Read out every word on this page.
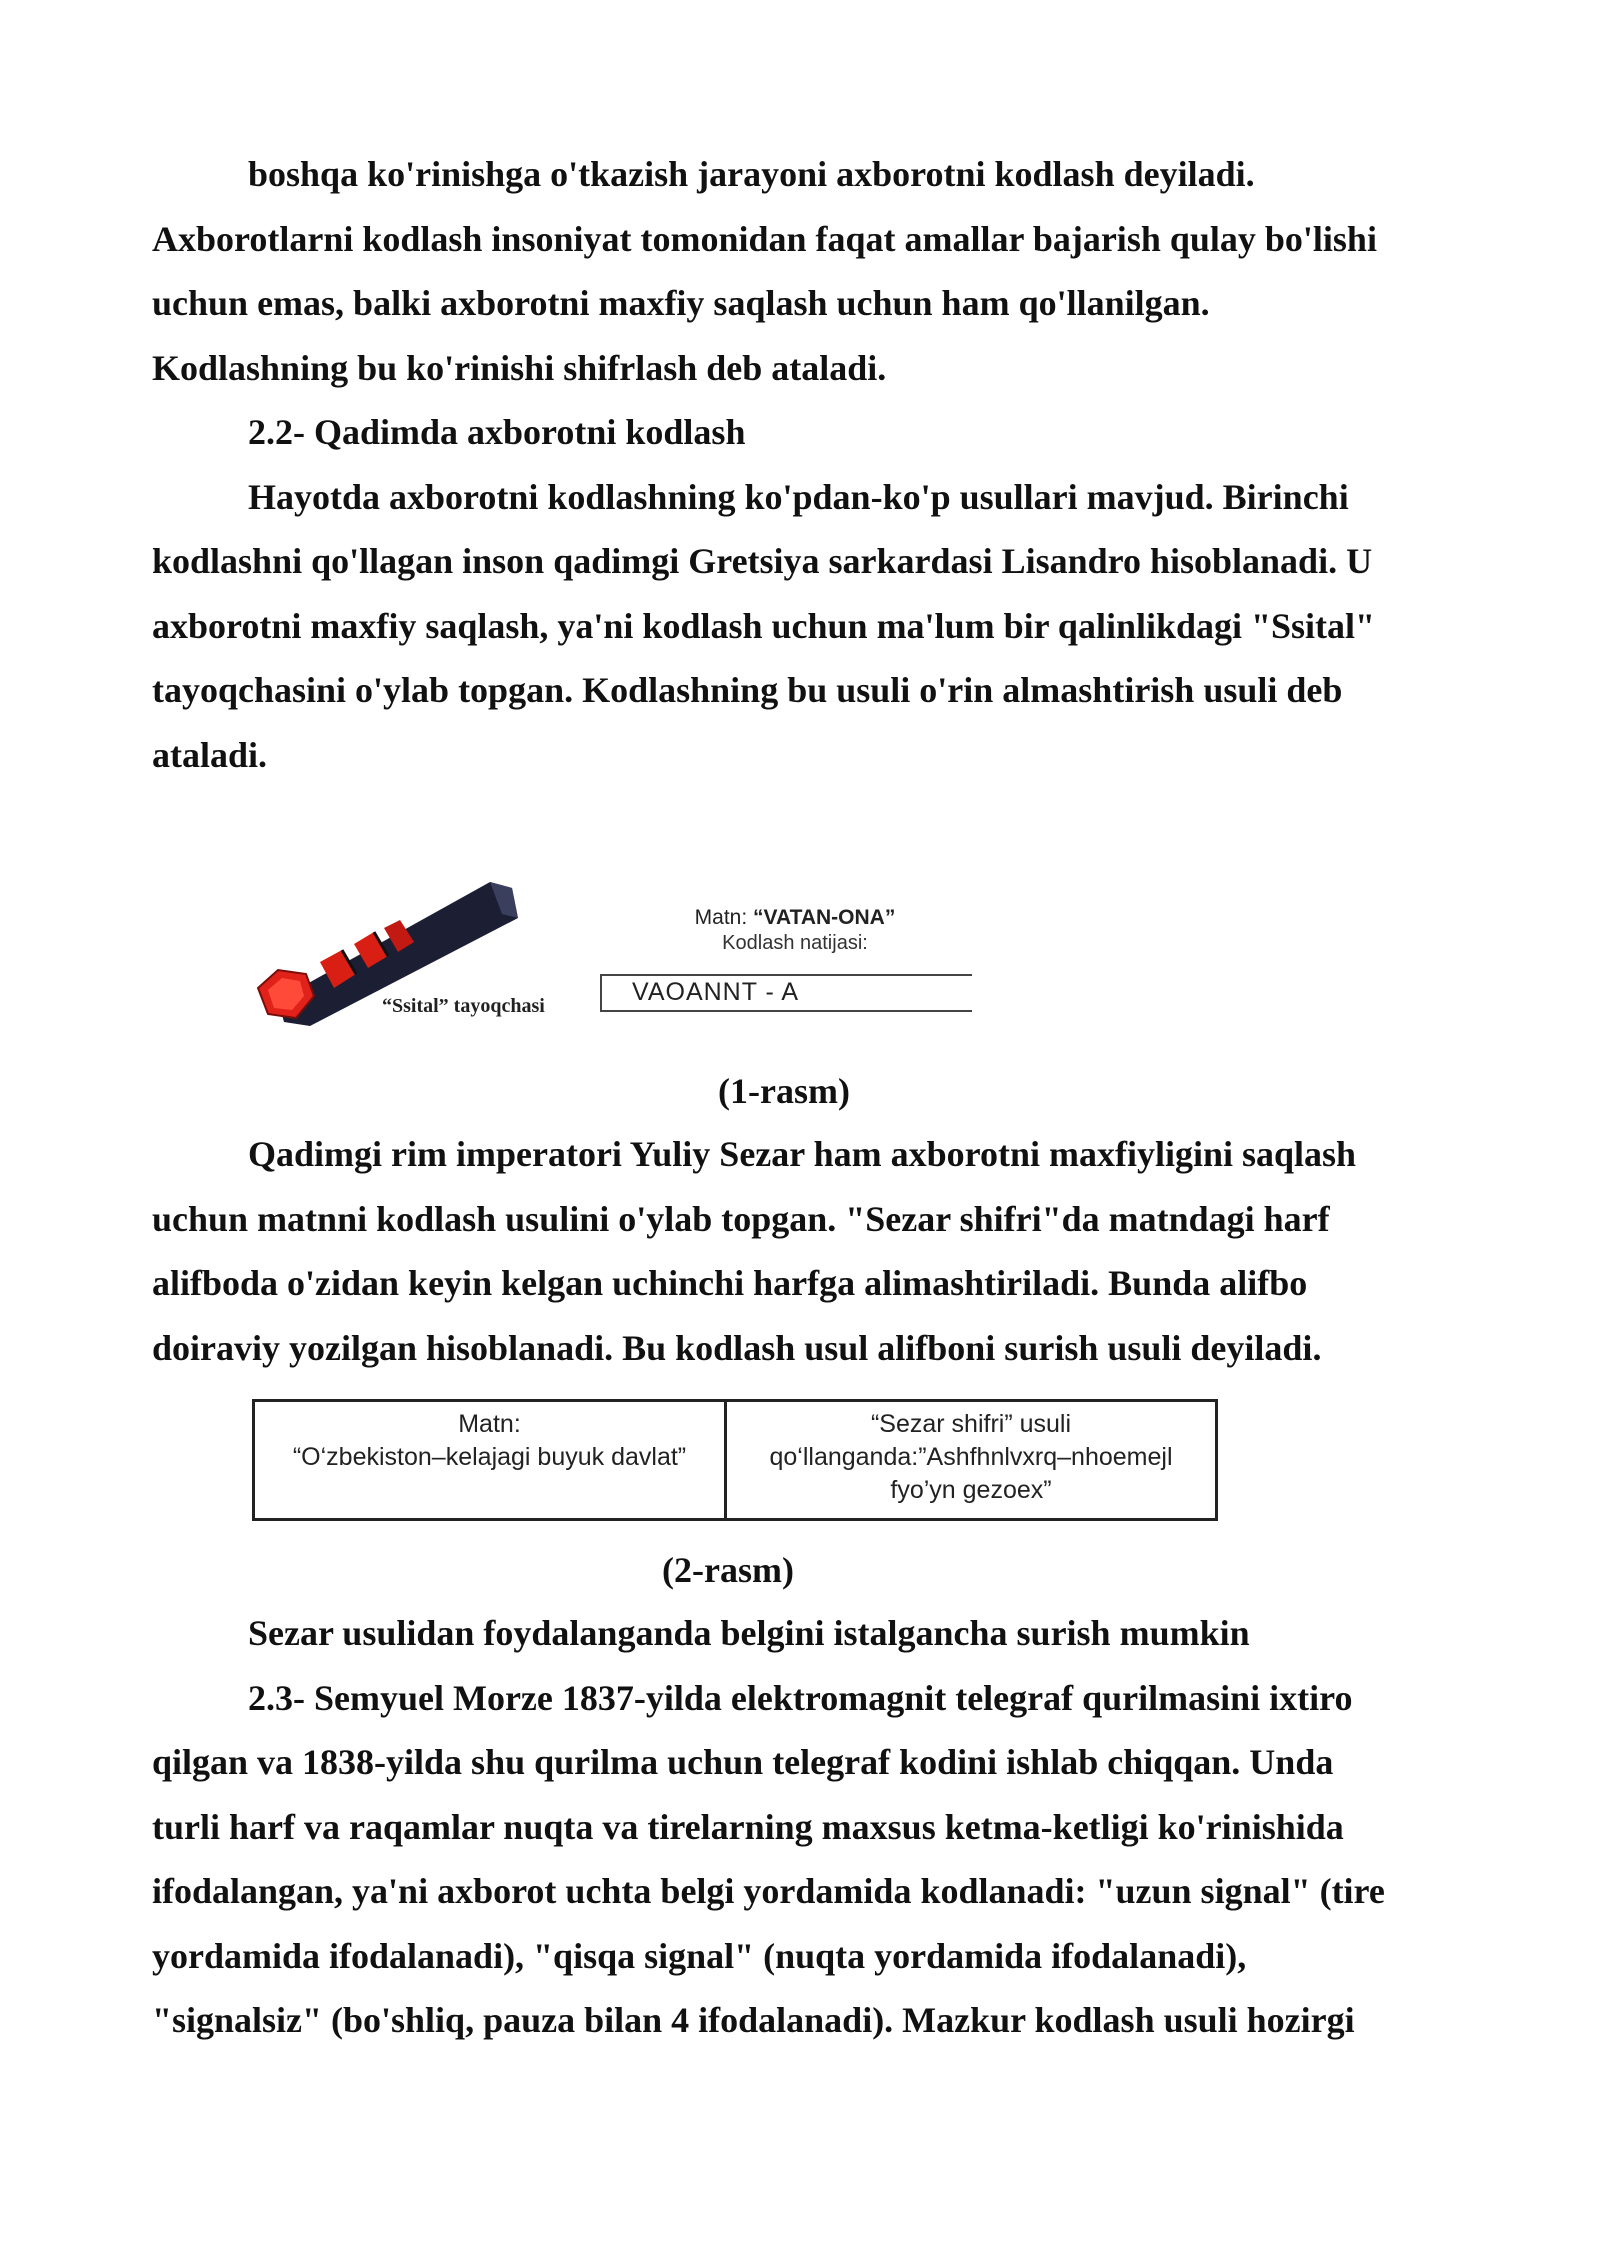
boshqa ko'rinishga o'tkazish jarayoni axborotni kodlash deyiladi.

Axborotlarni kodlash insoniyat tomonidan faqat amallar bajarish qulay bo'lishi

uchun emas, balki axborotni maxfiy saqlash uchun ham qo'llanilgan.

Kodlashning bu ko'rinishi shifrlash deb ataladi.

2.2- Qadimda axborotni kodlash

Hayotda axborotni kodlashning ko'pdan-ko'p usullari mavjud. Birinchi

kodlashni qo'llagan inson qadimgi Gretsiya sarkardasi Lisandro hisoblanadi. U

axborotni maxfiy saqlash, ya'ni kodlash uchun ma'lum bir qalinlikdagi "Ssital"

tayoqchasini o'ylab topgan. Kodlashning bu usuli o'rin almashtirish usuli deb

ataladi.

“Ssital” tayoqchasi
Matn: “VATAN-ONA”
Kodlash natijasi:
VAOANNT - A

(1-rasm)

Qadimgi rim imperatori Yuliy Sezar ham axborotni maxfiyligini saqlash

uchun matnni kodlash usulini o'ylab topgan. "Sezar shifri"da matndagi harf

alifboda o'zidan keyin kelgan uchinchi harfga alimashtiriladi. Bunda alifbo

doiraviy yozilgan hisoblanadi. Bu kodlash usul alifboni surish usuli deyiladi.

Matn:
“O‘zbekiston–kelajagi buyuk davlat”
“Sezar shifri” usuli
qo‘llanganda:”Ashfhnlvxrq–nhoemejl
fyo’yn gezoex”

(2-rasm)

Sezar usulidan foydalanganda belgini istalgancha surish mumkin

2.3- Semyuel Morze 1837-yilda elektromagnit telegraf qurilmasini ixtiro

qilgan va 1838-yilda shu qurilma uchun telegraf kodini ishlab chiqqan. Unda

turli harf va raqamlar nuqta va tirelarning maxsus ketma-ketligi ko'rinishida

ifodalangan, ya'ni axborot uchta belgi yordamida kodlanadi: "uzun signal" (tire

yordamida ifodalanadi), "qisqa signal" (nuqta yordamida ifodalanadi),

"signalsiz" (bo'shliq, pauza bilan 4 ifodalanadi). Mazkur kodlash usuli hozirgi
